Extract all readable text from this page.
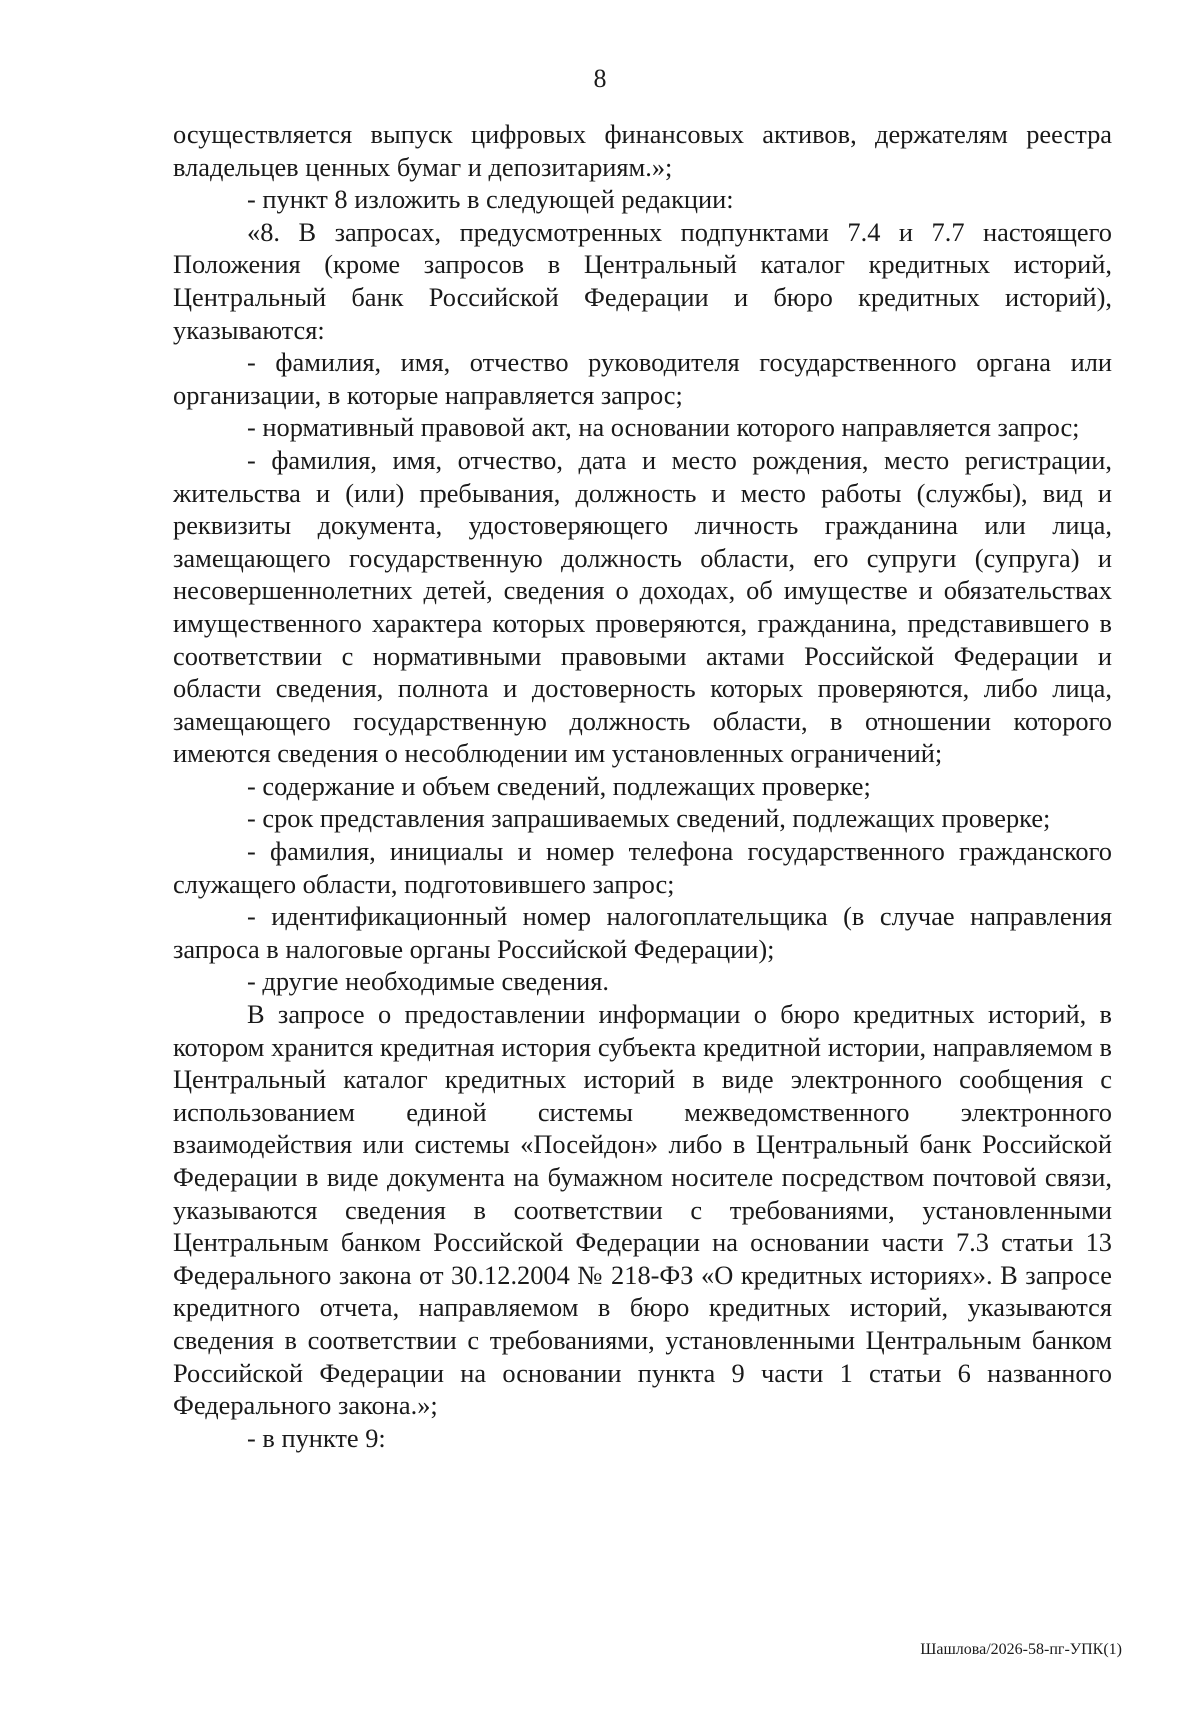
8

осуществляется выпуск цифровых финансовых активов, держателям реестра владельцев ценных бумаг и депозитариям.»;

- пункт 8 изложить в следующей редакции:

«8. В запросах, предусмотренных подпунктами 7.4 и 7.7 настоящего Положения (кроме запросов в Центральный каталог кредитных историй, Центральный банк Российской Федерации и бюро кредитных историй), указываются:

- фамилия, имя, отчество руководителя государственного органа или организации, в которые направляется запрос;

- нормативный правовой акт, на основании которого направляется запрос;

- фамилия, имя, отчество, дата и место рождения, место регистрации, жительства и (или) пребывания, должность и место работы (службы), вид и реквизиты документа, удостоверяющего личность гражданина или лица, замещающего государственную должность области, его супруги (супруга) и несовершеннолетних детей, сведения о доходах, об имуществе и обязательствах имущественного характера которых проверяются, гражданина, представившего в соответствии с нормативными правовыми актами Российской Федерации и области сведения, полнота и достоверность которых проверяются, либо лица, замещающего государственную должность области, в отношении которого имеются сведения о несоблюдении им установленных ограничений;

- содержание и объем сведений, подлежащих проверке;

- срок представления запрашиваемых сведений, подлежащих проверке;

- фамилия, инициалы и номер телефона государственного гражданского служащего области, подготовившего запрос;

- идентификационный номер налогоплательщика (в случае направления запроса в налоговые органы Российской Федерации);

- другие необходимые сведения.

В запросе о предоставлении информации о бюро кредитных историй, в котором хранится кредитная история субъекта кредитной истории, направляемом в Центральный каталог кредитных историй в виде электронного сообщения с использованием единой системы межведомственного электронного взаимодействия или системы «Посейдон» либо в Центральный банк Российской Федерации в виде документа на бумажном носителе посредством почтовой связи, указываются сведения в соответствии с требованиями, установленными Центральным банком Российской Федерации на основании части 7.3 статьи 13 Федерального закона от 30.12.2004 № 218-ФЗ «О кредитных историях». В запросе кредитного отчета, направляемом в бюро кредитных историй, указываются сведения в соответствии с требованиями, установленными Центральным банком Российской Федерации на основании пункта 9 части 1 статьи 6 названного Федерального закона.»;

- в пункте 9:

Шашлова/2026-58-пг-УПК(1)
